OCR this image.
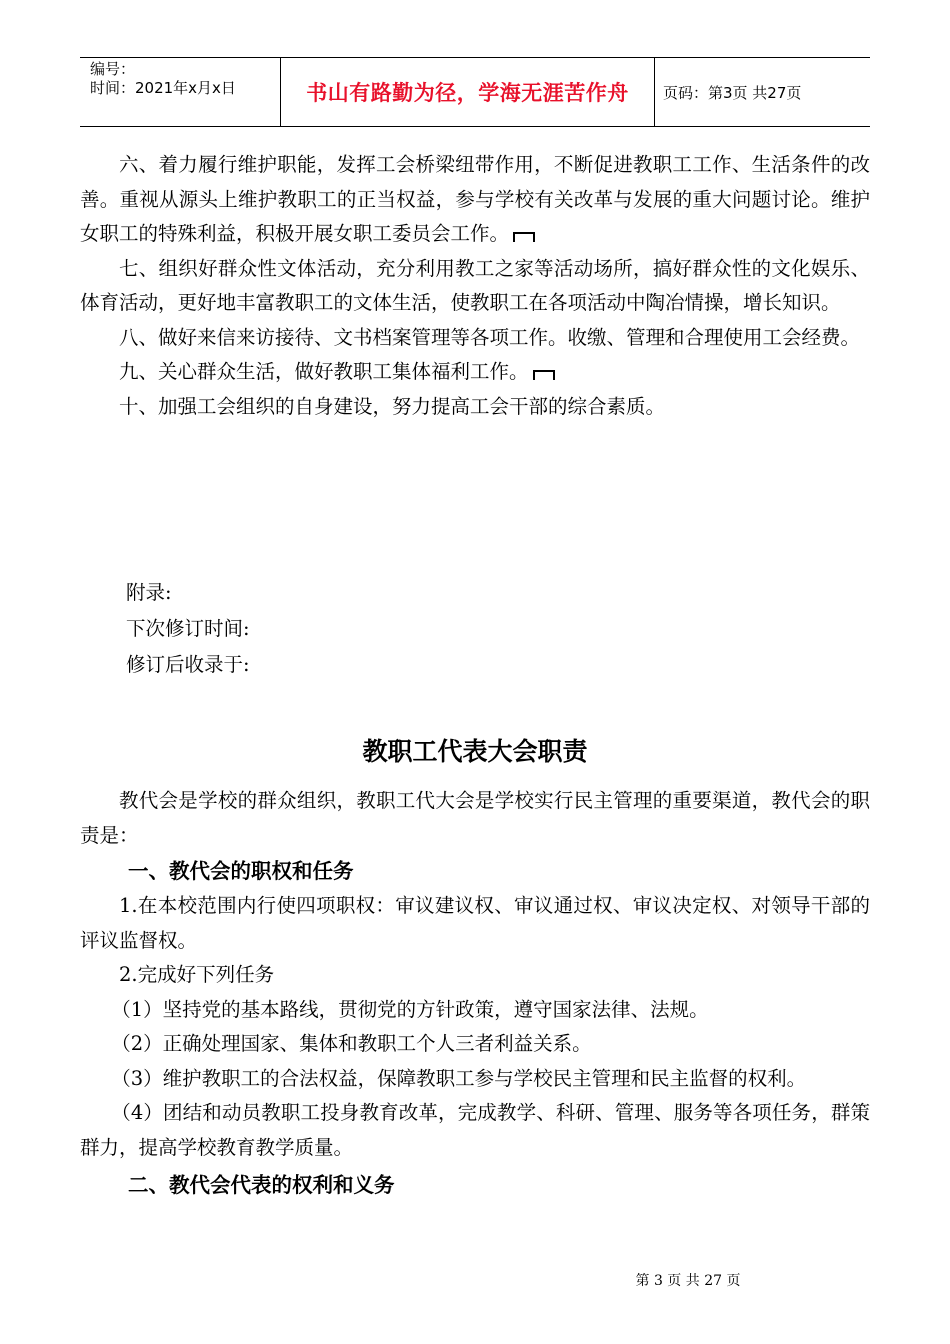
编号：
时间：2021年x月x日	书山有路勤为径，学海无涯苦作舟	页码：第3页 共27页

六、着力履行维护职能，发挥工会桥梁纽带作用，不断促进教职工工作、生活条件的改善。重视从源头上维护教职工的正当权益，参与学校有关改革与发展的重大问题讨论。维护女职工的特殊利益，积极开展女职工委员会工作。

七、组织好群众性文体活动，充分利用教工之家等活动场所，搞好群众性的文化娱乐、体育活动，更好地丰富教职工的文体生活，使教职工在各项活动中陶冶情操，增长知识。

八、做好来信来访接待、文书档案管理等各项工作。收缴、管理和合理使用工会经费。

九、关心群众生活，做好教职工集体福利工作。

十、加强工会组织的自身建设，努力提高工会干部的综合素质。

附录:
下次修订时间:
修订后收录于:
教职工代表大会职责

教代会是学校的群众组织，教职工代大会是学校实行民主管理的重要渠道，教代会的职责是：

一、教代会的职权和任务

1.在本校范围内行使四项职权：审议建议权、审议通过权、审议决定权、对领导干部的评议监督权。

2.完成好下列任务

（1）坚持党的基本路线，贯彻党的方针政策，遵守国家法律、法规。

（2）正确处理国家、集体和教职工个人三者利益关系。

（3）维护教职工的合法权益，保障教职工参与学校民主管理和民主监督的权利。

（4）团结和动员教职工投身教育改革，完成教学、科研、管理、服务等各项任务，群策群力，提高学校教育教学质量。

二、教代会代表的权利和义务

第 3 页 共 27 页
